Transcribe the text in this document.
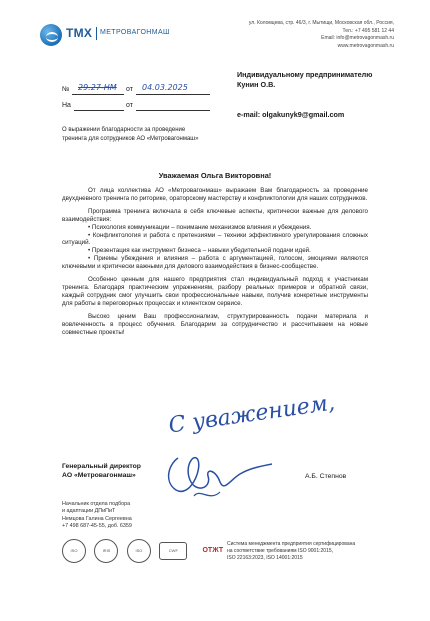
ТМХ МЕТРОВАГОНМАШ
ул. Коломцева, стр. 46/3, г. Мытищи, Московская обл., Россия,
Тел.: +7 495 581 12 44
Email: info@metrovagonmash.ru
www.metrovagonmash.ru
№ 29.27-НМ от 04.03.2025
На	от
Индивидуальному предпринимателю
Кунин О.В.
e-mail: olgakunyk9@gmail.com
О выражении благодарности за проведение
тренинга для сотрудников АО «Метровагонмаш»
Уважаемая Ольга Викторовна!

От лица коллектива АО «Метровагонмаш» выражаем Вам благодарность за проведение двухдневного тренинга по риторике, ораторскому мастерству и конфликтологии для наших сотрудников.

Программа тренинга включала в себя ключевые аспекты, критически важные для делового взаимодействия:

• Психология коммуникации – понимание механизмов влияния и убеждения.

• Конфликтология и работа с претензиями – техники эффективного урегулирования сложных ситуаций.

• Презентация как инструмент бизнеса – навыки убедительной подачи идей.

• Приемы убеждения и влияния – работа с аргументацией, голосом, эмоциями являются ключевыми и критически важными для делового взаимодействия в бизнес-сообществе.

Особенно ценным для нашего предприятия стал индивидуальный подход к участникам тренинга. Благодаря практическим упражнениям, разбору реальных примеров и обратной связи, каждый сотрудник смог улучшить свои профессиональные навыки, получив конкретные инструменты для работы в переговорных процессах и клиентском сервисе.

Высоко ценим Ваш профессионализм, структурированность подачи материала и вовлеченность в процесс обучения. Благодарим за сотрудничество и рассчитываем на новые совместные проекты!

С уважением,
Генеральный директор
АО «Метровагонмаш»	А.Б. Степнов
Начальник отдела подбора
и адаптации ДПиПиТ
Немцова Галина Сергеевна
+7 498 687-45-55, доб. 6359
ISO	IRIS	ISO	CWF	ОТЖТ
Система менеджмента предприятия сертифицирована
на соответствие требованиям ISO 9001:2015,
ISO 22163:2023, ISO 14001:2015
